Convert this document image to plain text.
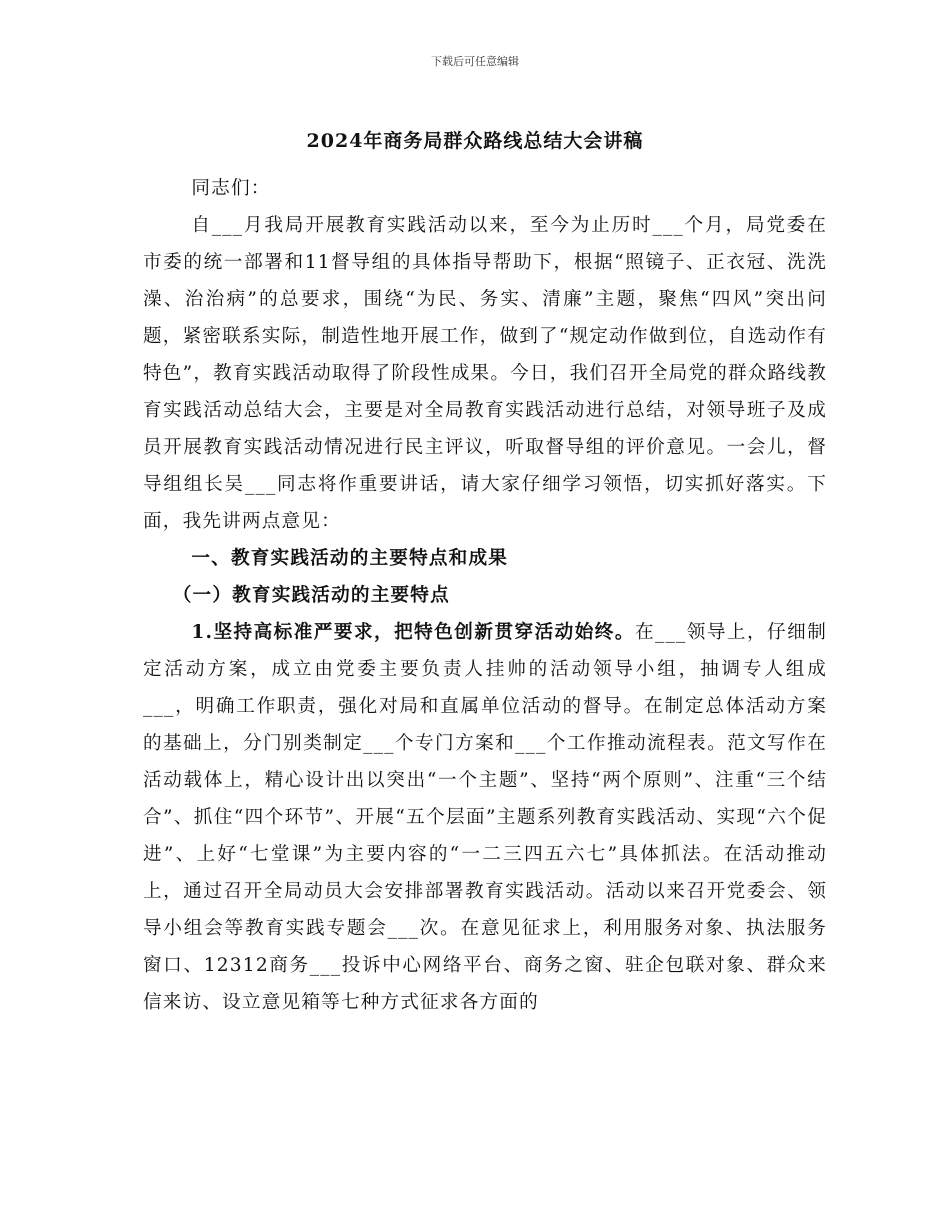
下载后可任意编辑
2024年商务局群众路线总结大会讲稿

同志们：

自___月我局开展教育实践活动以来，至今为止历时___个月，局党委在市委的统一部署和11督导组的具体指导帮助下，根据“照镜子、正衣冠、洗洗澡、治治病”的总要求，围绕“为民、务实、清廉”主题，聚焦“四风”突出问题，紧密联系实际，制造性地开展工作，做到了“规定动作做到位，自选动作有特色”，教育实践活动取得了阶段性成果。今日，我们召开全局党的群众路线教育实践活动总结大会，主要是对全局教育实践活动进行总结，对领导班子及成员开展教育实践活动情况进行民主评议，听取督导组的评价意见。一会儿，督导组组长吴___同志将作重要讲话，请大家仔细学习领悟，切实抓好落实。下面，我先讲两点意见：

一、教育实践活动的主要特点和成果

（一）教育实践活动的主要特点

1.坚持高标准严要求，把特色创新贯穿活动始终。在___领导上，仔细制定活动方案，成立由党委主要负责人挂帅的活动领导小组，抽调专人组成___，明确工作职责，强化对局和直属单位活动的督导。在制定总体活动方案的基础上，分门别类制定___个专门方案和___个工作推动流程表。范文写作在活动载体上，精心设计出以突出“一个主题”、坚持“两个原则”、注重“三个结合”、抓住“四个环节”、开展“五个层面”主题系列教育实践活动、实现“六个促进”、上好“七堂课”为主要内容的“一二三四五六七”具体抓法。在活动推动上，通过召开全局动员大会安排部署教育实践活动。活动以来召开党委会、领导小组会等教育实践专题会___次。在意见征求上，利用服务对象、执法服务窗口、12312商务___投诉中心网络平台、商务之窗、驻企包联对象、群众来信来访、设立意见箱等七种方式征求各方面的
